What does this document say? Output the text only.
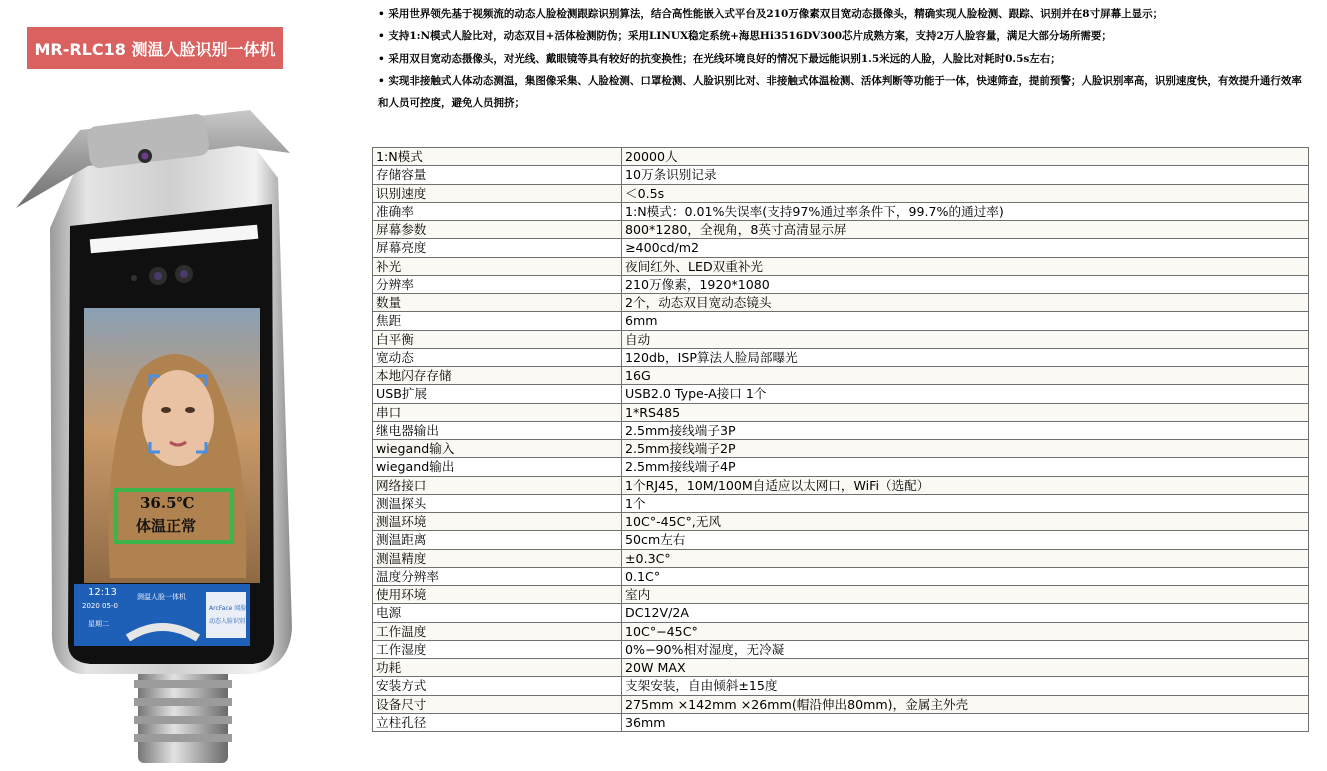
MR-RLC18 测温人脸识别一体机
36.5℃
体温正常
12:13
2020 05-0
星期二
测温人脸一体机
ArcFace 闻脸
动态人脸识别

• 采用世界领先基于视频流的动态人脸检测跟踪识别算法，结合高性能嵌入式平台及210万像素双目宽动态摄像头，精确实现人脸检测、跟踪、识别并在8寸屏幕上显示；

• 支持1:N模式人脸比对，动态双目+活体检测防伪；采用LINUX稳定系统+海思Hi3516DV300芯片成熟方案，支持2万人脸容量，满足大部分场所需要；

• 采用双目宽动态摄像头，对光线、戴眼镜等具有较好的抗变换性；在光线环境良好的情况下最远能识别1.5米远的人脸，人脸比对耗时0.5s左右；

• 实现非接触式人体动态测温，集图像采集、人脸检测、口罩检测、人脸识别比对、非接触式体温检测、活体判断等功能于一体，快速筛查，提前预警；人脸识别率高，识别速度快，有效提升通行效率和人员可控度，避免人员拥挤；

1:N模式	20000人
存储容量	10万条识别记录
识别速度	＜0.5s
准确率	1:N模式：0.01%失误率(支持97%通过率条件下，99.7%的通过率)
屏幕参数	800*1280，全视角，8英寸高清显示屏
屏幕亮度	≥400cd/m2
补光	夜间红外、LED双重补光
分辨率	210万像素，1920*1080
数量	2个，动态双目宽动态镜头
焦距	6mm
白平衡	自动
宽动态	120db，ISP算法人脸局部曝光
本地闪存存储	16G
USB扩展	USB2.0 Type-A接口 1个
串口	1*RS485
继电器输出	2.5mm接线端子3P
wiegand输入	2.5mm接线端子2P
wiegand输出	2.5mm接线端子4P
网络接口	1个RJ45，10M/100M自适应以太网口，WiFi（选配）
测温探头	1个
测温环境	10C°-45C°,无风
测温距离	50cm左右
测温精度	±0.3C°
温度分辨率	0.1C°
使用环境	室内
电源	DC12V/2A
工作温度	10C°−45C°
工作湿度	0%−90%相对湿度，无冷凝
功耗	20W MAX
安装方式	支架安装，自由倾斜±15度
设备尺寸	275mm ×142mm ×26mm(帽沿伸出80mm)，金属主外壳
立柱孔径	36mm
